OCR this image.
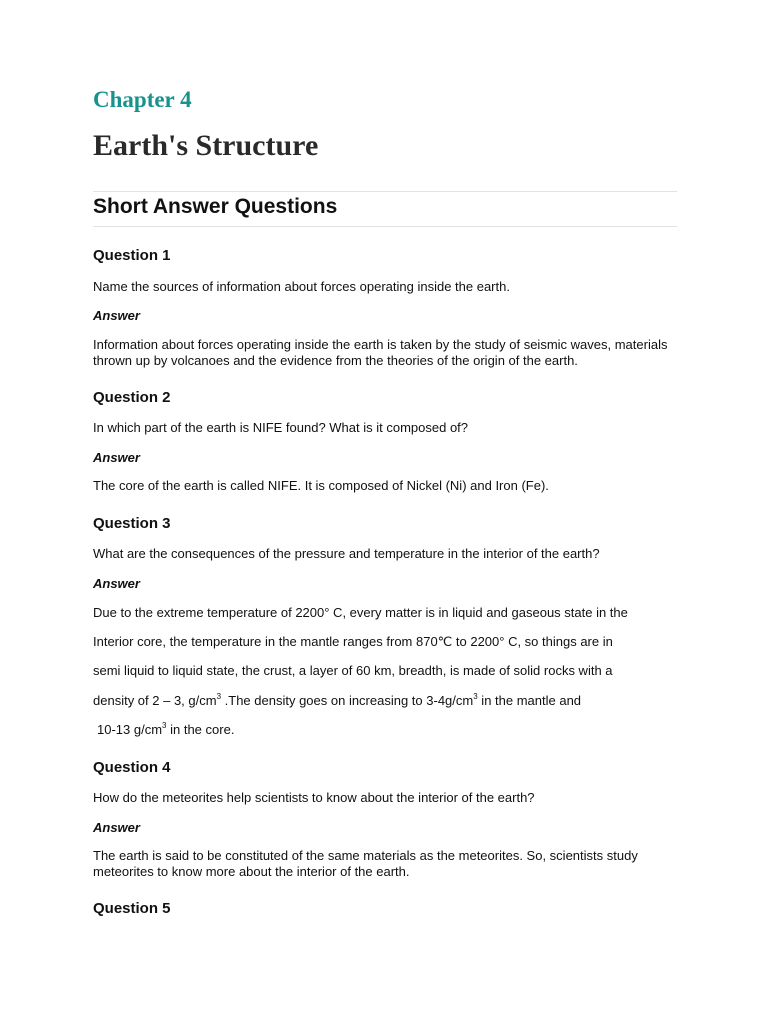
Chapter 4
Earth's Structure
Short Answer Questions
Question 1
Name the sources of information about forces operating inside the earth.
Answer
Information about forces operating inside the earth is taken by the study of seismic waves, materials thrown up by volcanoes and the evidence from the theories of the origin of the earth.
Question 2
In which part of the earth is NIFE found? What is it composed of?
Answer
The core of the earth is called NIFE. It is composed of Nickel (Ni) and Iron (Fe).
Question 3
What are the consequences of the pressure and temperature in the interior of the earth?
Answer
Due to the extreme temperature of 2200° C, every matter is in liquid and gaseous state in the
Interior core, the temperature in the mantle ranges from 870℃ to 2200° C, so things are in
semi liquid to liquid state, the crust, a layer of 60 km, breadth, is made of solid rocks with a
density of 2 – 3, $g/cm^3$ .The density goes on increasing to $3-4g/cm^3$ in the mantle and
10-13 $g/cm^3$ in the core.
Question 4
How do the meteorites help scientists to know about the interior of the earth?
Answer
The earth is said to be constituted of the same materials as the meteorites. So, scientists study meteorites to know more about the interior of the earth.
Question 5
